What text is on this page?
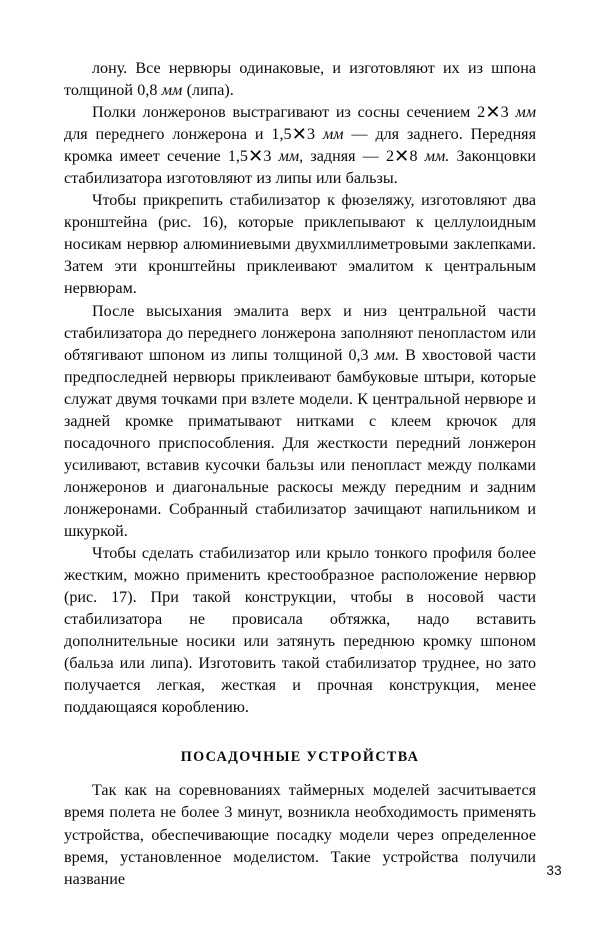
лону. Все нервюры одинаковые, и изготовляют их из шпона толщиной 0,8 мм (липа).

Полки лонжеронов выстрагивают из сосны сечением 2✕3 мм для переднего лонжерона и 1,5✕3 мм — для заднего. Передняя кромка имеет сечение 1,5✕3 мм, задняя — 2✕8 мм. Законцовки стабилизатора изготовляют из липы или бальзы.

Чтобы прикрепить стабилизатор к фюзеляжу, изготовляют два кронштейна (рис. 16), которые приклепывают к целлулоидным носикам нервюр алюминиевыми двухмиллиметровыми заклепками. Затем эти кронштейны приклеивают эмалитом к центральным нервюрам.

После высыхания эмалита верх и низ центральной части стабилизатора до переднего лонжерона заполняют пенопластом или обтягивают шпоном из липы толщиной 0,3 мм. В хвостовой части предпоследней нервюры приклеивают бамбуковые штыри, которые служат двумя точками при взлете модели. К центральной нервюре и задней кромке приматывают нитками с клеем крючок для посадочного приспособления. Для жесткости передний лонжерон усиливают, вставив кусочки бальзы или пенопласт между полками лонжеронов и диагональные раскосы между передним и задним лонжеронами. Собранный стабилизатор зачищают напильником и шкуркой.

Чтобы сделать стабилизатор или крыло тонкого профиля более жестким, можно применить крестообразное расположение нервюр (рис. 17). При такой конструкции, чтобы в носовой части стабилизатора не провисала обтяжка, надо вставить дополнительные носики или затянуть переднюю кромку шпоном (бальза или липа). Изготовить такой стабилизатор труднее, но зато получается легкая, жесткая и прочная конструкция, менее поддающаяся короблению.

ПОСАДОЧНЫЕ УСТРОЙСТВА

Так как на соревнованиях таймерных моделей засчитывается время полета не более 3 минут, возникла необходимость применять устройства, обеспечивающие посадку модели через определенное время, установленное моделистом. Такие устройства получили название

33
